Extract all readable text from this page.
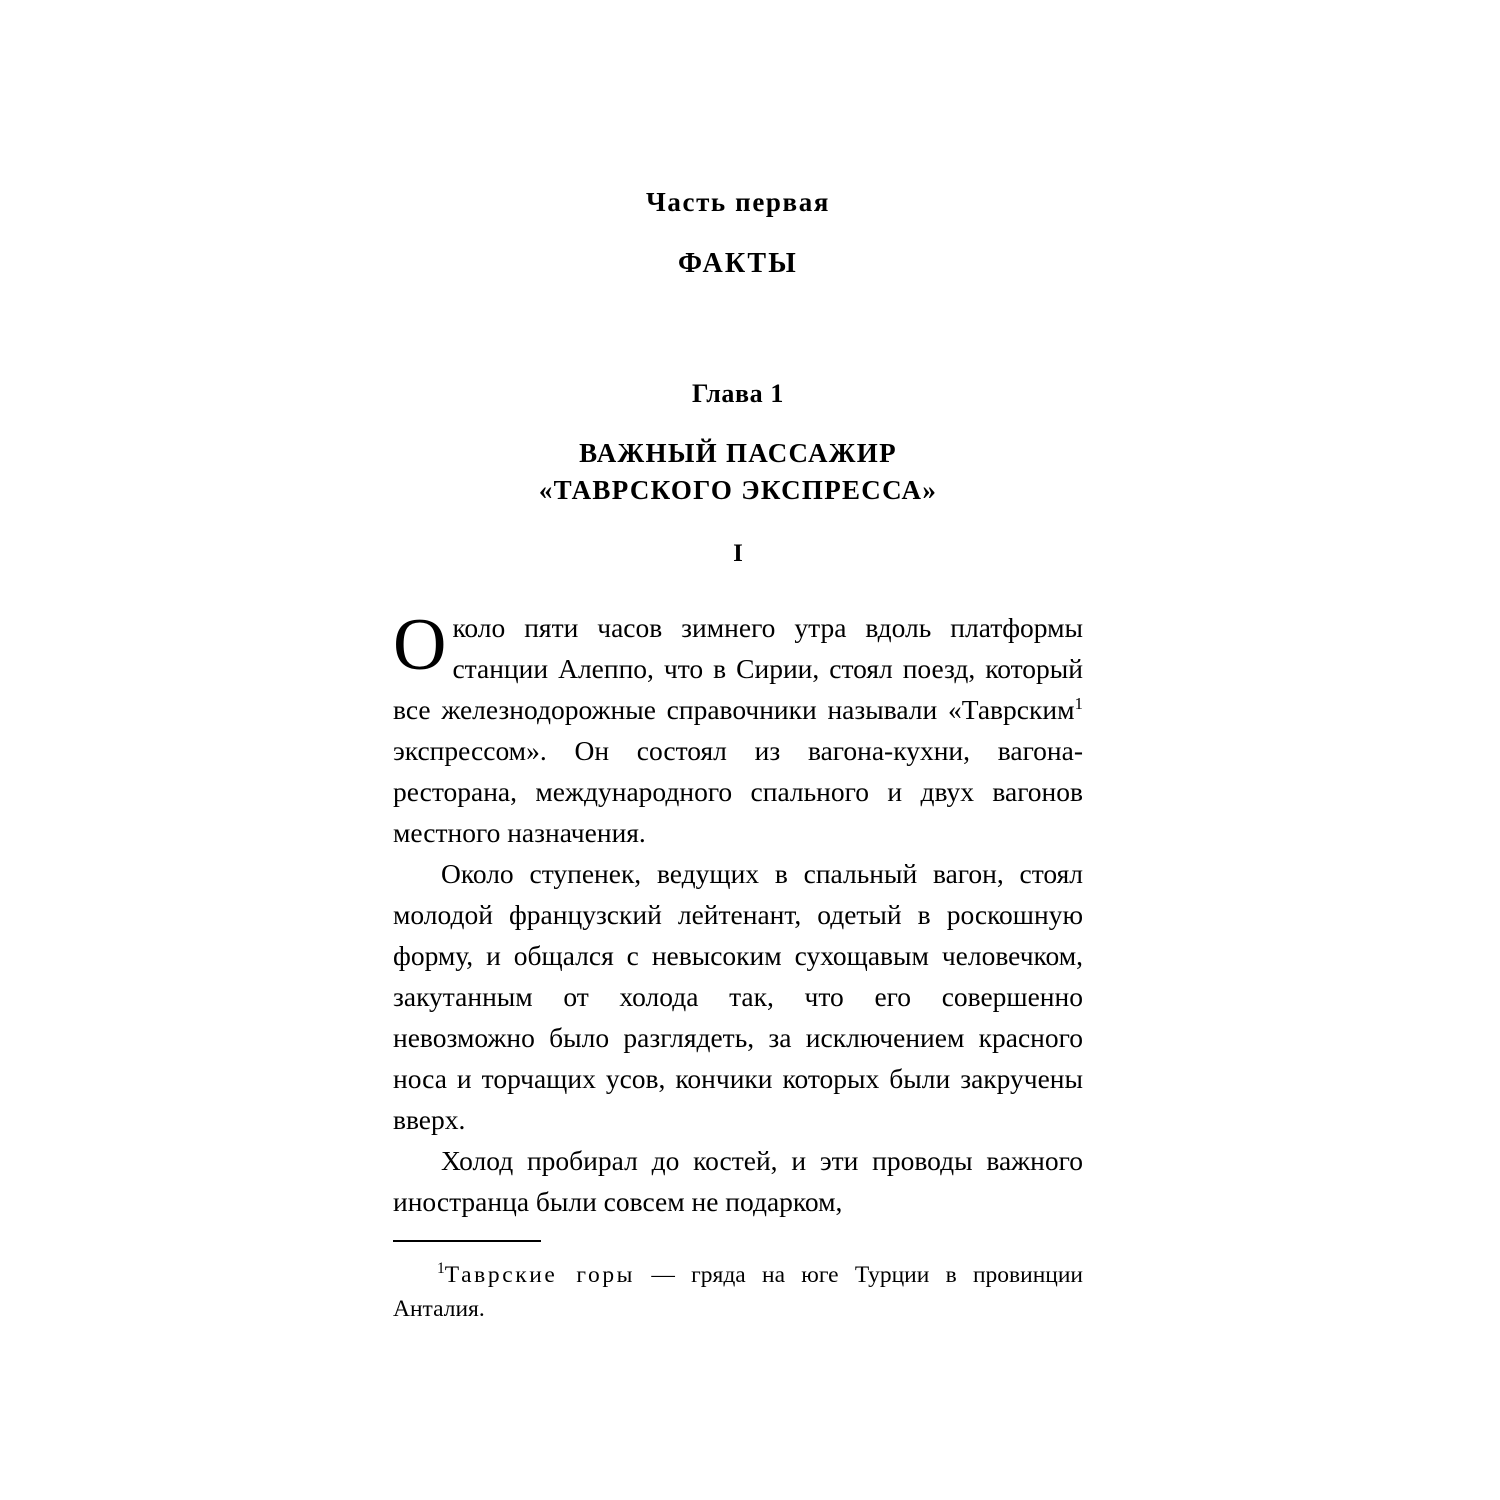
Часть первая
ФАКТЫ
Глава 1
ВАЖНЫЙ ПАССАЖИР
«ТАВРСКОГО ЭКСПРЕССА»
I

Около пяти часов зимнего утра вдоль платформы станции Алеппо, что в Сирии, стоял поезд, который все железнодорожные справочники называли «Таврским$^1$ экспрессом». Он состоял из вагона-кухни, вагона-ресторана, международного спального и двух вагонов местного назначения.

Около ступенек, ведущих в спальный вагон, стоял молодой французский лейтенант, одетый в роскошную форму, и общался с невысоким сухощавым человечком, закутанным от холода так, что его совершенно невозможно было разглядеть, за исключением красного носа и торчащих усов, кончики которых были закручены вверх.

Холод пробирал до костей, и эти проводы важного иностранца были совсем не подарком,

$^1$Таврские горы — гряда на юге Турции в провинции Анталия.
